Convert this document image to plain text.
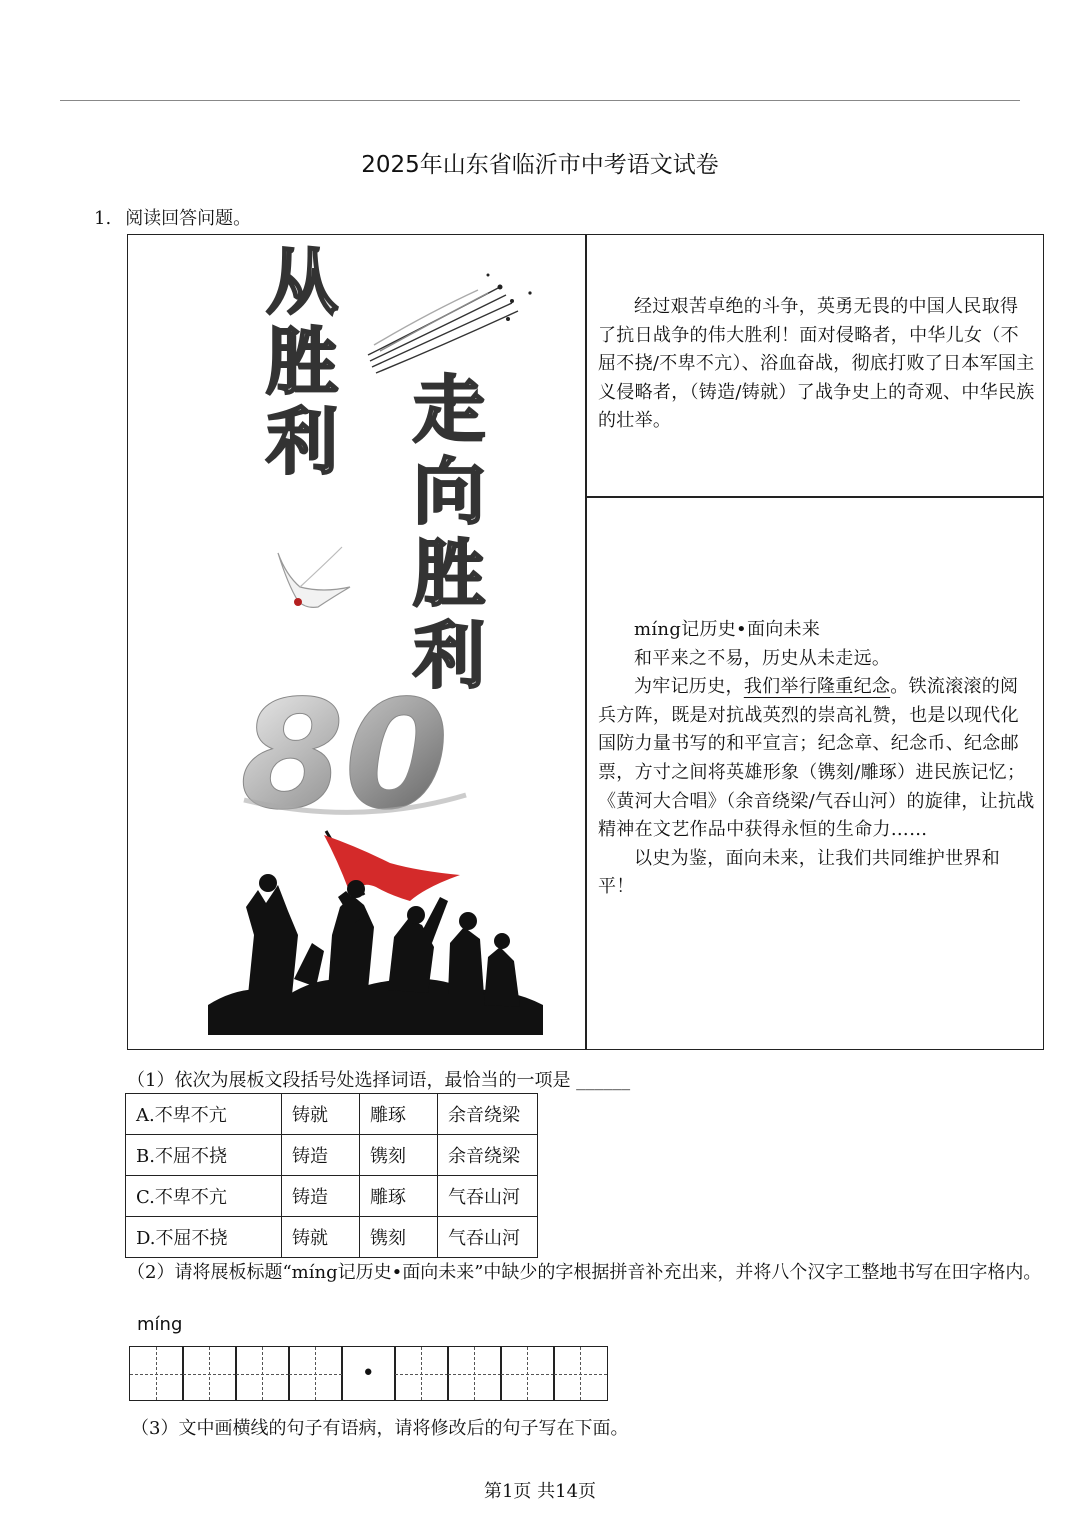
2025年山东省临沂市中考语文试卷
1. 阅读回答问题。
从
胜
利 走
向
胜
利
80

经过艰苦卓绝的斗争，英勇无畏的中国人民取得了抗日战争的伟大胜利！面对侵略者，中华儿女（不屈不挠/不卑不亢）、浴血奋战，彻底打败了日本军国主义侵略者，（铸造/铸就）了战争史上的奇观、中华民族的壮举。

míng记历史•面向未来

和平来之不易，历史从未走远。

为牢记历史，我们举行隆重纪念。铁流滚滚的阅兵方阵，既是对抗战英烈的崇高礼赞，也是以现代化国防力量书写的和平宣言；纪念章、纪念币、纪念邮票，方寸之间将英雄形象（镌刻/雕琢）进民族记忆；《黄河大合唱》（余音绕梁/气吞山河）的旋律，让抗战精神在文艺作品中获得永恒的生命力……

以史为鉴，面向未来，让我们共同维护世界和平！

（1）依次为展板文段括号处选择词语，最恰当的一项是 ______
A.不卑不亢	铸就	雕琢	余音绕梁
B.不屈不挠	铸造	镌刻	余音绕梁
C.不卑不亢	铸造	雕琢	气吞山河
D.不屈不挠	铸就	镌刻	气吞山河
（2）请将展板标题“míng记历史•面向未来”中缺少的字根据拼音补充出来，并将八个汉字工整地书写在田字格内。
míng
•
（3）文中画横线的句子有语病，请将修改后的句子写在下面。
第1页 共14页
